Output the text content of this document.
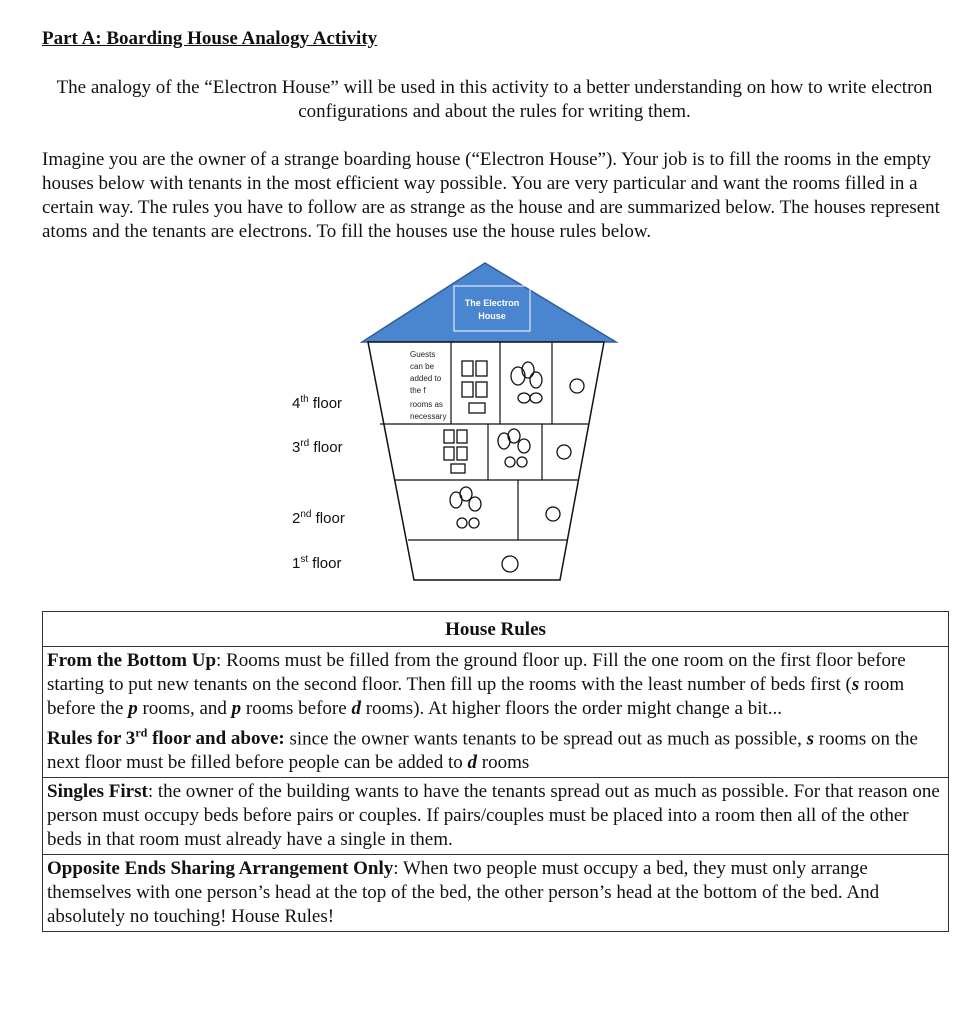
Part A: Boarding House Analogy Activity
The analogy of the “Electron House” will be used in this activity to a better understanding on how to write electron configurations and about the rules for writing them.
Imagine you are the owner of a strange boarding house (“Electron House”). Your job is to fill the rooms in the empty houses below with tenants in the most efficient way possible. You are very particular and want the rooms filled in a certain way. The rules you have to follow are as strange as the house and are summarized below. The houses represent atoms and the tenants are electrons. To fill the houses use the house rules below.
The Electron
House
Guests
can be
added to
the f
rooms as
necessary
4th floor
3rd floor
2nd floor
1st floor
House Rules
From the Bottom Up: Rooms must be filled from the ground floor up. Fill the one room on the first floor before starting to put new tenants on the second floor. Then fill up the rooms with the least number of beds first (s room before the p rooms, and p rooms before d rooms). At higher floors the order might change a bit...
Rules for 3rd floor and above: since the owner wants tenants to be spread out as much as possible, s rooms on the next floor must be filled before people can be added to d rooms
Singles First: the owner of the building wants to have the tenants spread out as much as possible. For that reason one person must occupy beds before pairs or couples. If pairs/couples must be placed into a room then all of the other beds in that room must already have a single in them.
Opposite Ends Sharing Arrangement Only: When two people must occupy a bed, they must only arrange themselves with one person’s head at the top of the bed, the other person’s head at the bottom of the bed. And absolutely no touching! House Rules!
